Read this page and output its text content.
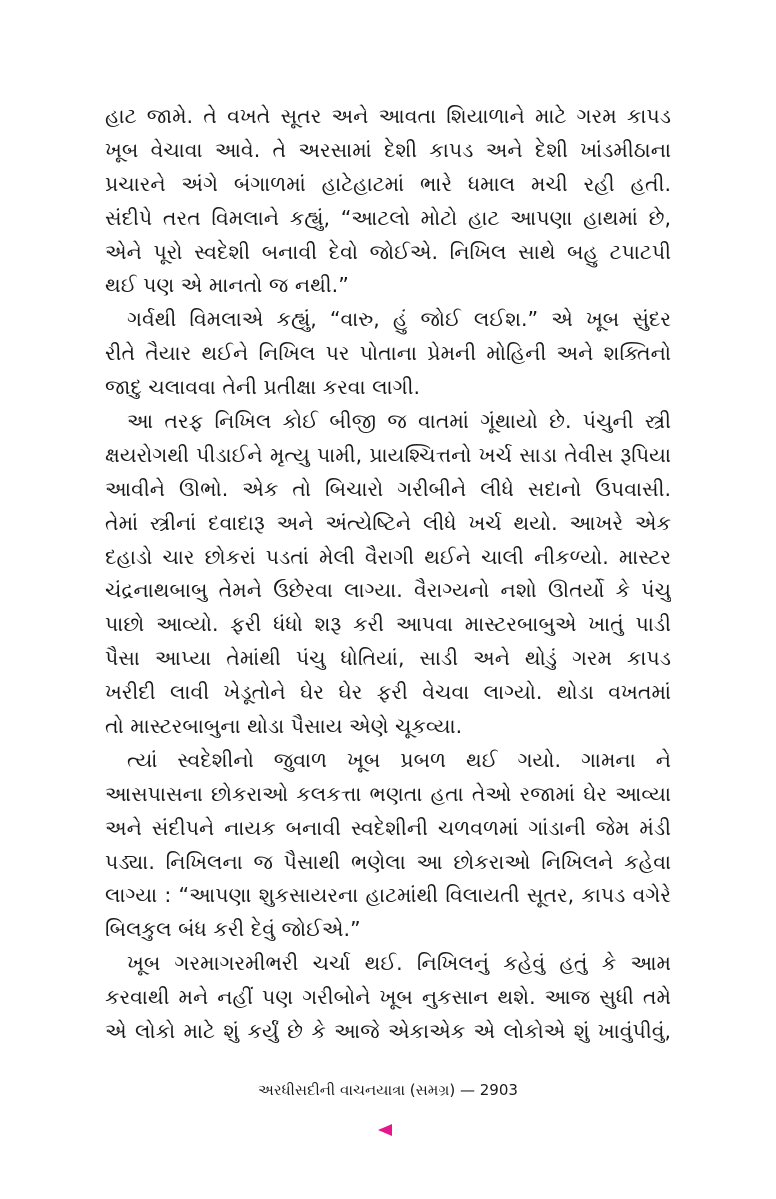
હાટ જામે. તે વખતે સૂતર અને આવતા શિયાળાને માટે ગરમ કાપડ
ખૂબ વેચાવા આવે. તે અરસામાં દેશી કાપડ અને દેશી ખાંડમીઠાના
પ્રચારને અંગે બંગાળમાં હાટેહાટમાં ભારે ધમાલ મચી રહી હતી.
સંદીપે તરત વિમલાને કહ્યું, “આટલો મોટો હાટ આપણા હાથમાં છે,
એને પૂરો સ્વદેશી બનાવી દેવો જોઈએ. નિખિલ સાથે બહુ ટપાટપી
થઈ પણ એ માનતો જ નથી.”
ગર્વથી વિમલાએ કહ્યું, “વારુ, હું જોઈ લઈશ.” એ ખૂબ સુંદર
રીતે તૈયાર થઈને નિખિલ પર પોતાના પ્રેમની મોહિની અને શક્તિનો
જાદુ ચલાવવા તેની પ્રતીક્ષા કરવા લાગી.
આ તરફ નિખિલ કોઈ બીજી જ વાતમાં ગૂંથાયો છે. પંચુની સ્ત્રી
ક્ષયરોગથી પીડાઈને મૃત્યુ પામી, પ્રાયશ્ચિત્તનો ખર્ચ સાડા તેવીસ રૂપિયા
આવીને ઊભો. એક તો બિચારો ગરીબીને લીધે સદાનો ઉપવાસી.
તેમાં સ્ત્રીનાં દવાદારૂ અને અંત્યેષ્ટિને લીધે ખર્ચ થયો. આખરે એક
દહાડો ચાર છોકરાં પડતાં મેલી વૈરાગી થઈને ચાલી નીકળ્યો. માસ્ટર
ચંદ્રનાથબાબુ તેમને ઉછેરવા લાગ્યા. વૈરાગ્યનો નશો ઊતર્યો કે પંચુ
પાછો આવ્યો. ફરી ધંધો શરૂ કરી આપવા માસ્ટરબાબુએ ખાતું પાડી
પૈસા આપ્યા તેમાંથી પંચુ ધોતિયાં, સાડી અને થોડું ગરમ કાપડ
ખરીદી લાવી ખેડૂતોને ઘેર ઘેર ફરી વેચવા લાગ્યો. થોડા વખતમાં
તો માસ્ટરબાબુના થોડા પૈસાય એણે ચૂકવ્યા.
ત્યાં સ્વદેશીનો જુવાળ ખૂબ પ્રબળ થઈ ગયો. ગામના ને
આસપાસના છોકરાઓ કલકત્તા ભણતા હતા તેઓ રજામાં ઘેર આવ્યા
અને સંદીપને નાયક બનાવી સ્વદેશીની ચળવળમાં ગાંડાની જેમ મંડી
પડ્યા. નિખિલના જ પૈસાથી ભણેલા આ છોકરાઓ નિખિલને કહેવા
લાગ્યા : “આપણા શુકસાયરના હાટમાંથી વિલાયતી સૂતર, કાપડ વગેરે
બિલકુલ બંધ કરી દેવું જોઈએ.”
ખૂબ ગરમાગરમીભરી ચર્ચા થઈ. નિખિલનું કહેવું હતું કે આમ
કરવાથી મને નહીં પણ ગરીબોને ખૂબ નુકસાન થશે. આજ સુધી તમે
એ લોકો માટે શું કર્યું છે કે આજે એકાએક એ લોકોએ શું ખાવુંપીવું,
અરધીસદીની વાચનયાત્રા (સમગ્ર) — 2903
